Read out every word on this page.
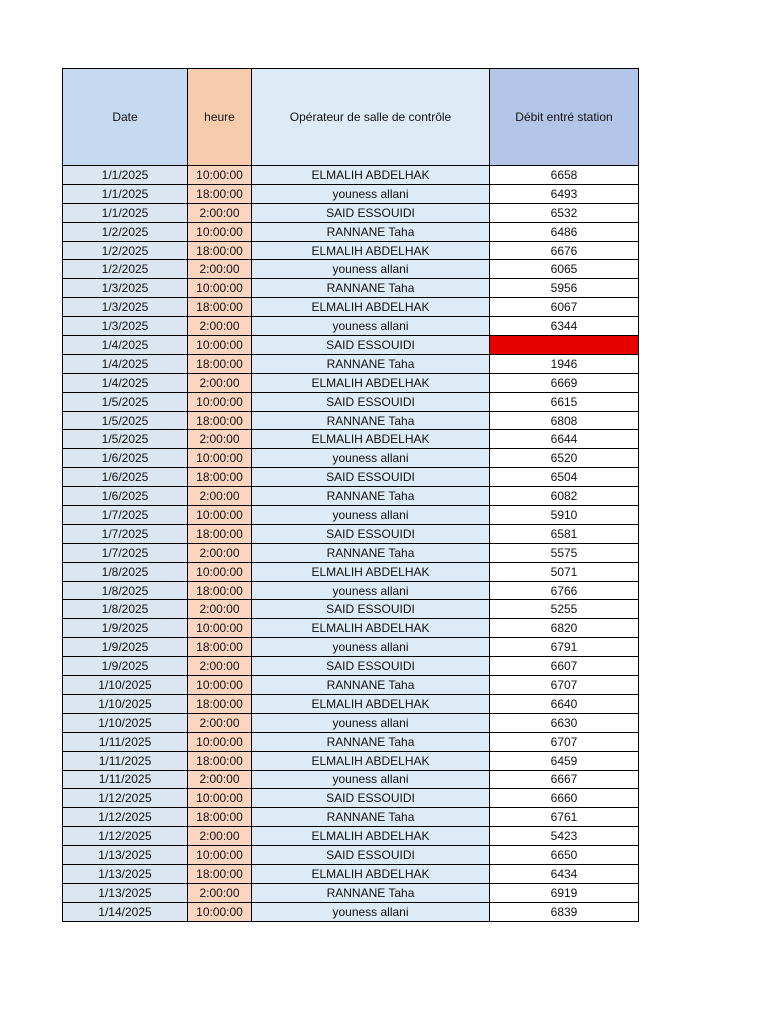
Date	heure	Opérateur de salle de contrôle	Débit entré station
1/1/2025	10:00:00	ELMALIH ABDELHAK	6658
1/1/2025	18:00:00	youness allani	6493
1/1/2025	2:00:00	SAID ESSOUIDI	6532
1/2/2025	10:00:00	RANNANE Taha	6486
1/2/2025	18:00:00	ELMALIH ABDELHAK	6676
1/2/2025	2:00:00	youness allani	6065
1/3/2025	10:00:00	RANNANE Taha	5956
1/3/2025	18:00:00	ELMALIH ABDELHAK	6067
1/3/2025	2:00:00	youness allani	6344
1/4/2025	10:00:00	SAID ESSOUIDI	
1/4/2025	18:00:00	RANNANE Taha	1946
1/4/2025	2:00:00	ELMALIH ABDELHAK	6669
1/5/2025	10:00:00	SAID ESSOUIDI	6615
1/5/2025	18:00:00	RANNANE Taha	6808
1/5/2025	2:00:00	ELMALIH ABDELHAK	6644
1/6/2025	10:00:00	youness allani	6520
1/6/2025	18:00:00	SAID ESSOUIDI	6504
1/6/2025	2:00:00	RANNANE Taha	6082
1/7/2025	10:00:00	youness allani	5910
1/7/2025	18:00:00	SAID ESSOUIDI	6581
1/7/2025	2:00:00	RANNANE Taha	5575
1/8/2025	10:00:00	ELMALIH ABDELHAK	5071
1/8/2025	18:00:00	youness allani	6766
1/8/2025	2:00:00	SAID ESSOUIDI	5255
1/9/2025	10:00:00	ELMALIH ABDELHAK	6820
1/9/2025	18:00:00	youness allani	6791
1/9/2025	2:00:00	SAID ESSOUIDI	6607
1/10/2025	10:00:00	RANNANE Taha	6707
1/10/2025	18:00:00	ELMALIH ABDELHAK	6640
1/10/2025	2:00:00	youness allani	6630
1/11/2025	10:00:00	RANNANE Taha	6707
1/11/2025	18:00:00	ELMALIH ABDELHAK	6459
1/11/2025	2:00:00	youness allani	6667
1/12/2025	10:00:00	SAID ESSOUIDI	6660
1/12/2025	18:00:00	RANNANE Taha	6761
1/12/2025	2:00:00	ELMALIH ABDELHAK	5423
1/13/2025	10:00:00	SAID ESSOUIDI	6650
1/13/2025	18:00:00	ELMALIH ABDELHAK	6434
1/13/2025	2:00:00	RANNANE Taha	6919
1/14/2025	10:00:00	youness allani	6839
